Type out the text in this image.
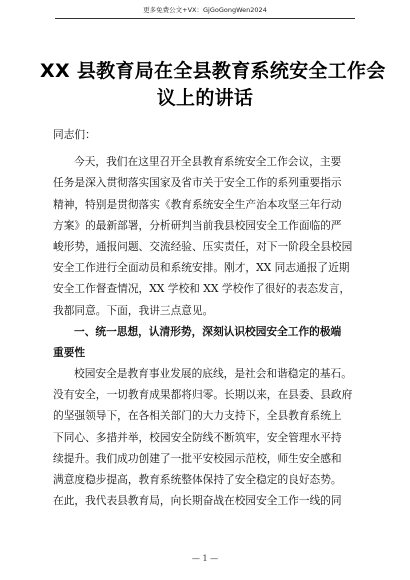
更多免费公文+VX：GjGoGongWen2024
XX 县教育局在全县教育系统安全工作会
议上的讲话
同志们：
今天，我们在这里召开全县教育系统安全工作会议，主要
任务是深入贯彻落实国家及省市关于安全工作的系列重要指示
精神，特别是贯彻落实《教育系统安全生产治本攻坚三年行动
方案》的最新部署，分析研判当前我县校园安全工作面临的严
峻形势，通报问题、交流经验、压实责任，对下一阶段全县校园
安全工作进行全面动员和系统安排。刚才，XX 同志通报了近期
安全工作督查情况，XX 学校和 XX 学校作了很好的表态发言，
我都同意。下面，我讲三点意见。
一、统一思想，认清形势，深刻认识校园安全工作的极端
重要性
校园安全是教育事业发展的底线，是社会和谐稳定的基石。
没有安全，一切教育成果都将归零。长期以来，在县委、县政府
的坚强领导下，在各相关部门的大力支持下，全县教育系统上
下同心、多措并举，校园安全防线不断筑牢，安全管理水平持
续提升。我们成功创建了一批平安校园示范校，师生安全感和
满意度稳步提高，教育系统整体保持了安全稳定的良好态势。
在此，我代表县教育局，向长期奋战在校园安全工作一线的同
— 1 —
